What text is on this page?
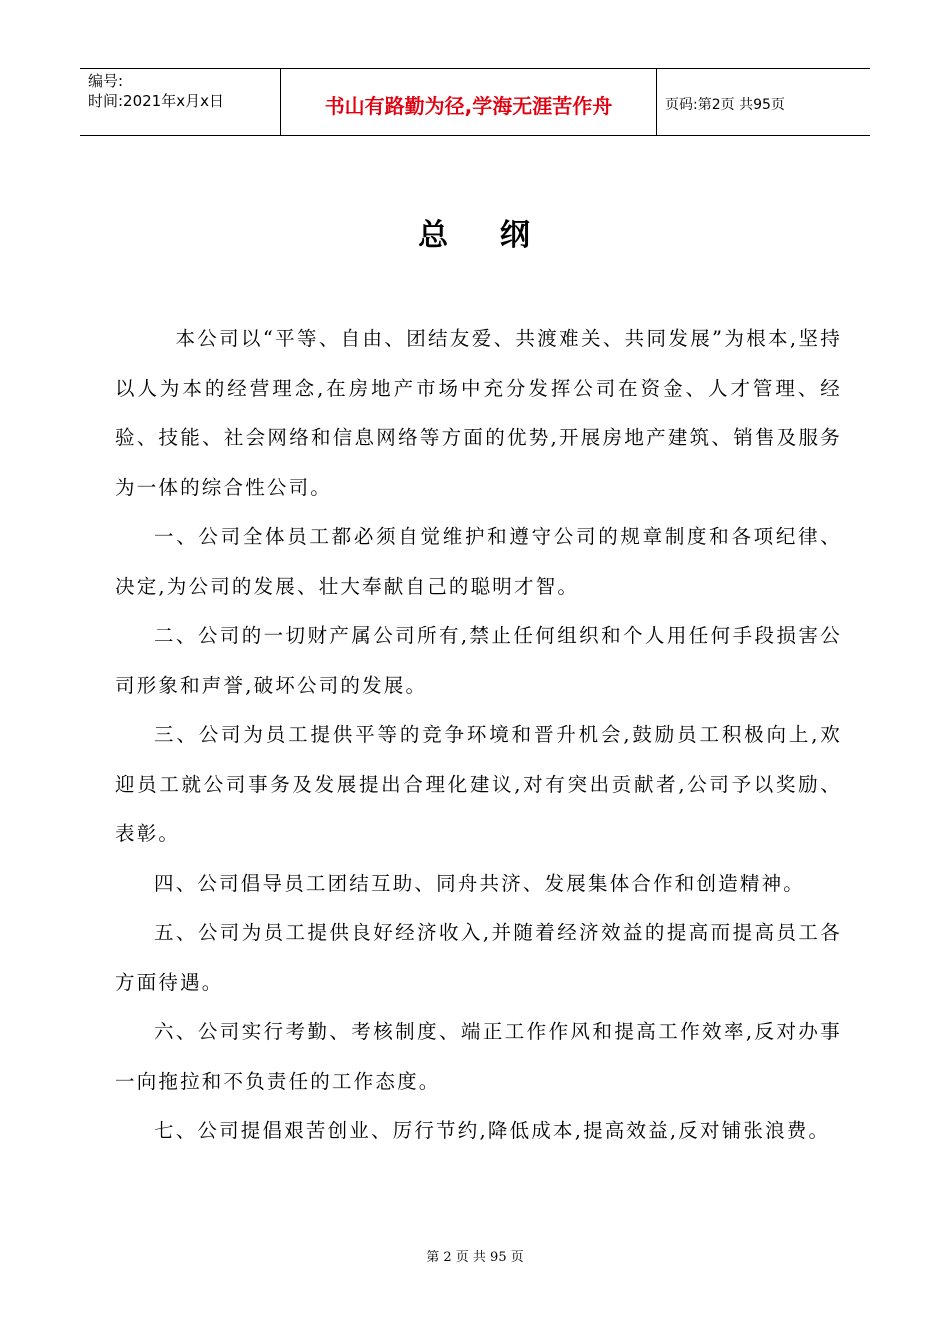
编号:
时间:2021年x月x日	书山有路勤为径,学海无涯苦作舟	页码:第2页 共95页
总    纲

本公司以“平等、自由、团结友爱、共渡难关、共同发展”为根本,坚持以人为本的经营理念,在房地产市场中充分发挥公司在资金、人才管理、经验、技能、社会网络和信息网络等方面的优势,开展房地产建筑、销售及服务为一体的综合性公司。

一、公司全体员工都必须自觉维护和遵守公司的规章制度和各项纪律、决定,为公司的发展、壮大奉献自己的聪明才智。

二、公司的一切财产属公司所有,禁止任何组织和个人用任何手段损害公司形象和声誉,破坏公司的发展。

三、公司为员工提供平等的竞争环境和晋升机会,鼓励员工积极向上,欢迎员工就公司事务及发展提出合理化建议,对有突出贡献者,公司予以奖励、表彰。

四、公司倡导员工团结互助、同舟共济、发展集体合作和创造精神。

五、公司为员工提供良好经济收入,并随着经济效益的提高而提高员工各方面待遇。

六、公司实行考勤、考核制度、端正工作作风和提高工作效率,反对办事一向拖拉和不负责任的工作态度。

七、公司提倡艰苦创业、厉行节约,降低成本,提高效益,反对铺张浪费。

第 2 页 共 95 页
